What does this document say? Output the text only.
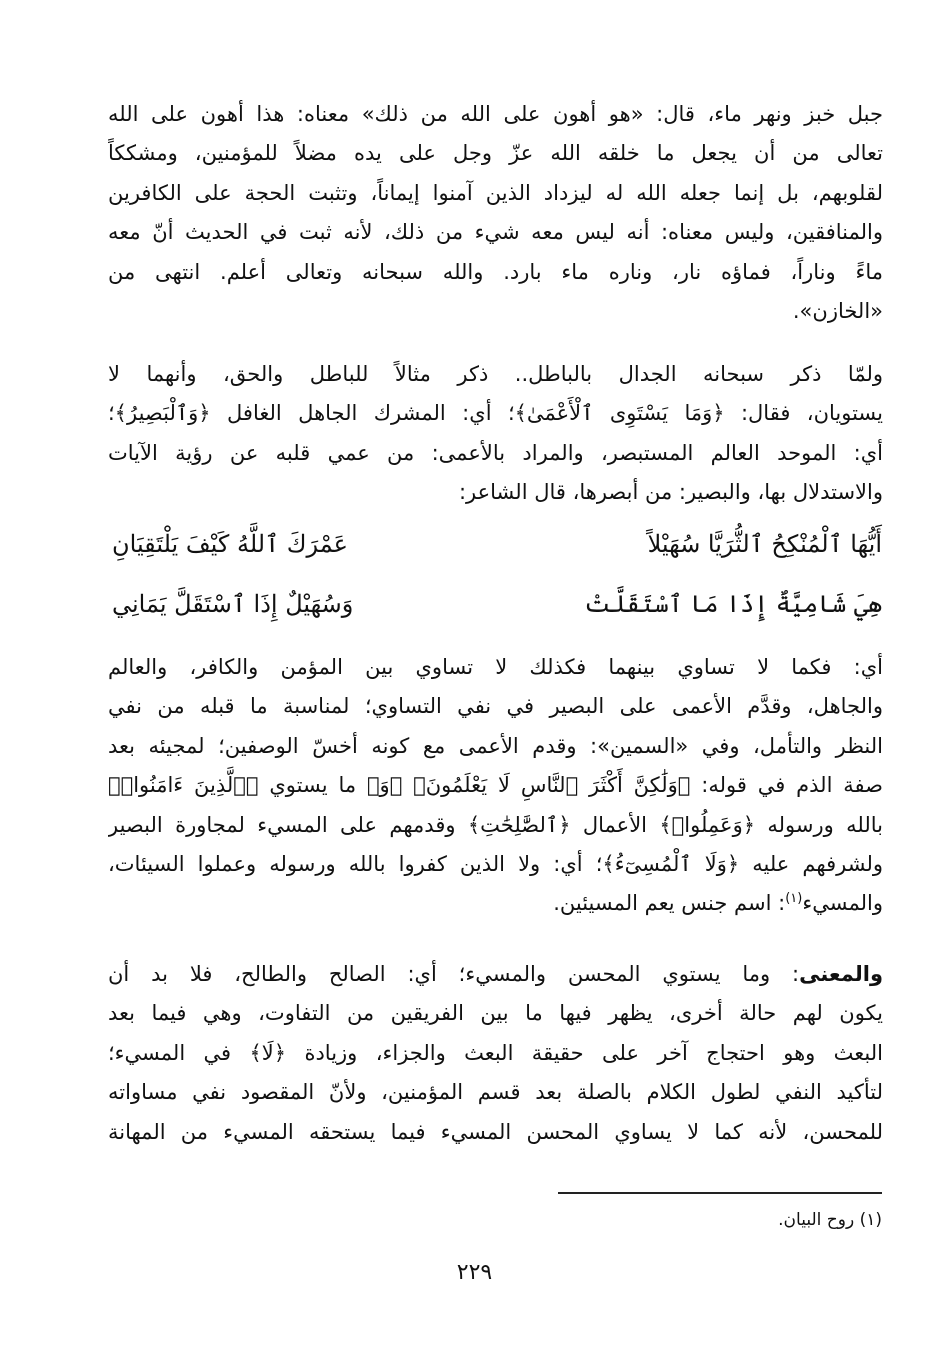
جبل خبز ونهر ماء، قال: «هو أهون على الله من ذلك» معناه: هذا أهون على الله
تعالى من أن يجعل ما خلقه الله عزّ وجل على يده مضلاً للمؤمنين، ومشككاً
لقلوبهم، بل إنما جعله الله له ليزداد الذين آمنوا إيماناً، وتثبت الحجة على الكافرين
والمنافقين، وليس معناه: أنه ليس معه شيء من ذلك، لأنه ثبت في الحديث أنّ معه
ماءً وناراً، فماؤه نار، وناره ماء بارد. والله سبحانه وتعالى أعلم. انتهى من
«الخازن».
ولمّا ذكر سبحانه الجدال بالباطل.. ذكر مثالاً للباطل والحق، وأنهما لا
يستويان، فقال: ﴿وَمَا يَسْتَوِى ٱلْأَعْمَىٰ﴾؛ أي: المشرك الجاهل الغافل ﴿وَٱلْبَصِيرُ﴾؛
أي: الموحد العالم المستبصر، والمراد بالأعمى: من عمي قلبه عن رؤية الآيات
والاستدلال بها، والبصير: من أبصرها، قال الشاعر:
أَيُّهَا ٱلْمُنْكِحُ ٱلثُّرَيَّا سُهَيْلاً
عَمْرَكَ ٱللَّهُ كَيْفَ يَلْتَقِيَانِ
هِيَ شَامِيَّةٌ إِذَا مَا ٱسْتَقَلَّتْ
وَسُهَيْلٌ إِذَا ٱسْتَقَلَّ يَمَانِي
أي: فكما لا تساوي بينهما فكذلك لا تساوي بين المؤمن والكافر، والعالم
والجاهل، وقدَّم الأعمى على البصير في نفي التساوي؛ لمناسبة ما قبله من نفي
النظر والتأمل، وفي «السمين»: وقدم الأعمى مع كونه أخسّ الوصفين؛ لمجيئه بعد
صفة الذم في قوله: ﴿وَلَٰكِنَّ أَكْثَرَ ٱلنَّاسِ لَا يَعْلَمُونَ﴾ ﴿وَ﴾ ما يستوي ﴿ٱلَّذِينَ ءَامَنُوا۟﴾
بالله ورسوله ﴿وَعَمِلُوا۟﴾ الأعمال ﴿ٱلصَّٰلِحَٰتِ﴾ وقدمهم على المسيء لمجاورة البصير
ولشرفهم عليه ﴿وَلَا ٱلْمُسِىٓءُ﴾؛ أي: ولا الذين كفروا بالله ورسوله وعملوا السيئات،
والمسيء$^{(١)}$: اسم جنس يعم المسيئين.
والمعنى: وما يستوي المحسن والمسيء؛ أي: الصالح والطالح، فلا بد أن
يكون لهم حالة أخرى، يظهر فيها ما بين الفريقين من التفاوت، وهي فيما بعد
البعث وهو احتجاج آخر على حقيقة البعث والجزاء، وزيادة ﴿لَا﴾ في المسيء؛
لتأكيد النفي لطول الكلام بالصلة بعد قسم المؤمنين، ولأنّ المقصود نفي مساواته
للمحسن، لأنه كما لا يساوي المحسن المسيء فيما يستحقه المسيء من المهانة
(١) روح البيان.
٢٢٩
